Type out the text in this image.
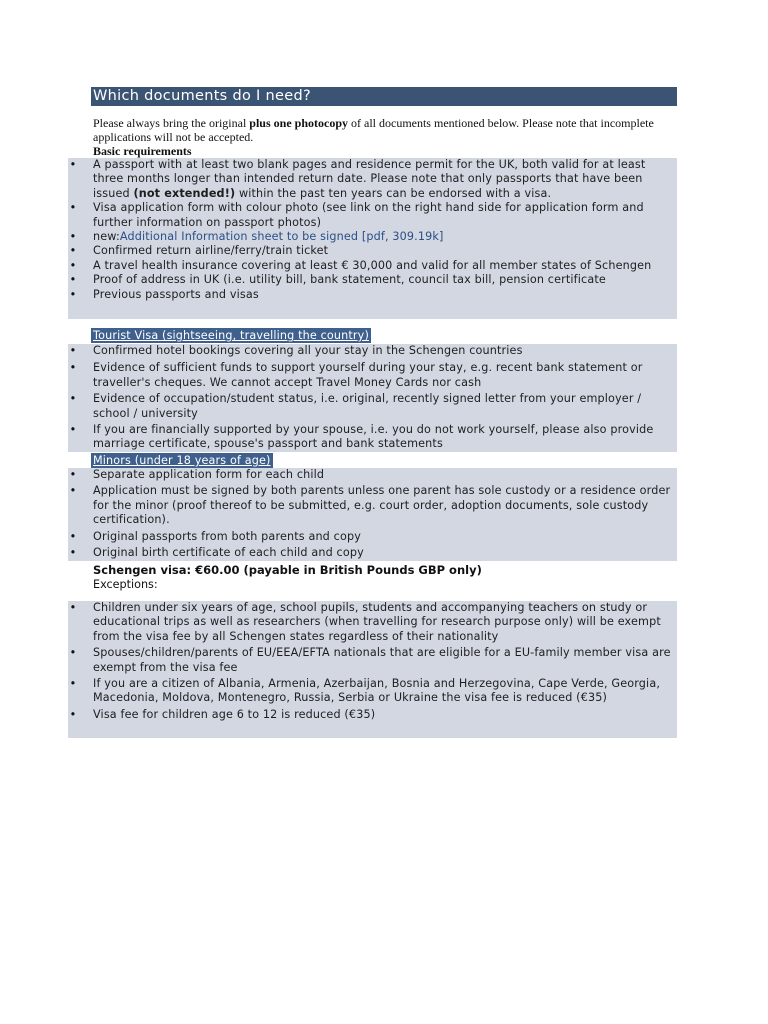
Which documents do I need?
Please always bring the original plus one photocopy of all documents mentioned below. Please note that incomplete applications will not be accepted.
Basic requirements
• A passport with at least two blank pages and residence permit for the UK, both valid for at least three months longer than intended return date. Please note that only passports that have been issued (not extended!) within the past ten years can be endorsed with a visa.
• Visa application form with colour photo (see link on the right hand side for application form and further information on passport photos)
• new:Additional Information sheet to be signed [pdf, 309.19k]
• Confirmed return airline/ferry/train ticket
• A travel health insurance covering at least € 30,000 and valid for all member states of Schengen
• Proof of address in UK (i.e. utility bill, bank statement, council tax bill, pension certificate
• Previous passports and visas
Tourist Visa (sightseeing, travelling the country)
• Confirmed hotel bookings covering all your stay in the Schengen countries
• Evidence of sufficient funds to support yourself during your stay, e.g. recent bank statement or traveller's cheques. We cannot accept Travel Money Cards nor cash
• Evidence of occupation/student status, i.e. original, recently signed letter from your employer / school / university
• If you are financially supported by your spouse, i.e. you do not work yourself, please also provide marriage certificate, spouse's passport and bank statements
Minors (under 18 years of age)
• Separate application form for each child
• Application must be signed by both parents unless one parent has sole custody or a residence order for the minor (proof thereof to be submitted, e.g. court order, adoption documents, sole custody certification).
• Original passports from both parents and copy
• Original birth certificate of each child and copy
Schengen visa: €60.00 (payable in British Pounds GBP only)
Exceptions:
• Children under six years of age, school pupils, students and accompanying teachers on study or educational trips as well as researchers (when travelling for research purpose only) will be exempt from the visa fee by all Schengen states regardless of their nationality
• Spouses/children/parents of EU/EEA/EFTA nationals that are eligible for a EU-family member visa are exempt from the visa fee
• If you are a citizen of Albania, Armenia, Azerbaijan, Bosnia and Herzegovina, Cape Verde, Georgia, Macedonia, Moldova, Montenegro, Russia, Serbia or Ukraine the visa fee is reduced (€35)
• Visa fee for children age 6 to 12 is reduced (€35)
